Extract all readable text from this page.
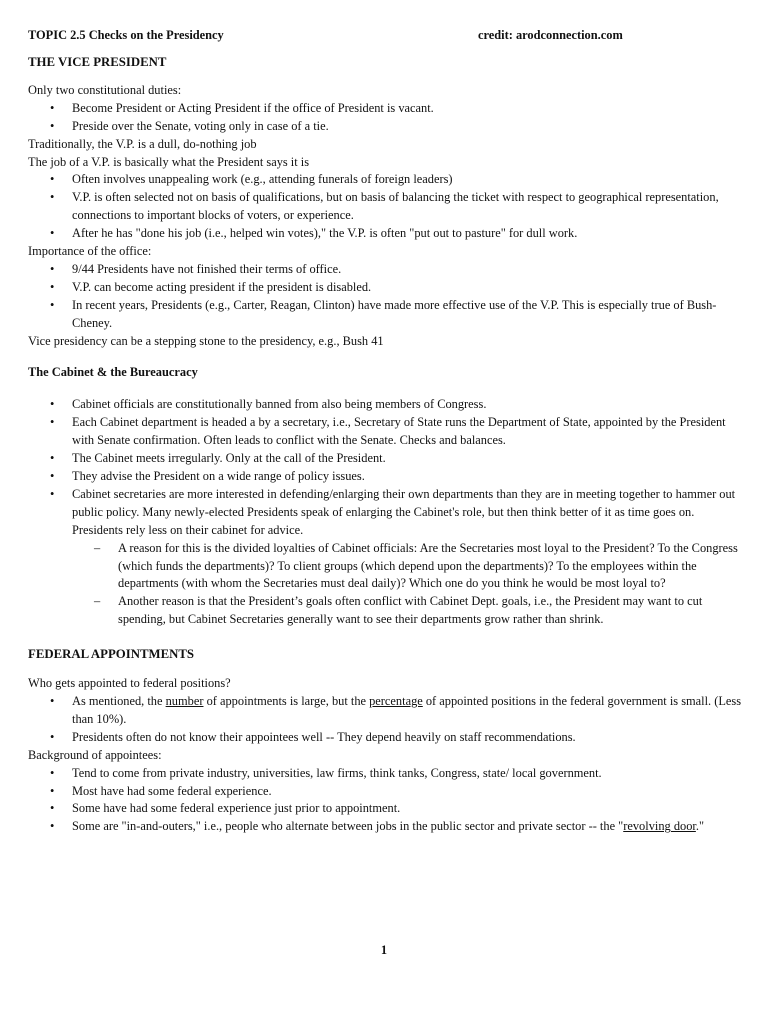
TOPIC 2.5 Checks on the Presidency	credit: arodconnection.com
THE VICE PRESIDENT
Only two constitutional duties:
• Become President or Acting President if the office of President is vacant.
• Preside over the Senate, voting only in case of a tie.
Traditionally, the V.P. is a dull, do-nothing job
The job of a V.P. is basically what the President says it is
• Often involves unappealing work (e.g., attending funerals of foreign leaders)
• V.P. is often selected not on basis of qualifications, but on basis of balancing the ticket with respect to geographical representation, connections to important blocks of voters, or experience.
• After he has "done his job (i.e., helped win votes)," the V.P. is often "put out to pasture" for dull work.
Importance of the office:
• 9/44 Presidents have not finished their terms of office.
• V.P. can become acting president if the president is disabled.
• In recent years, Presidents (e.g., Carter, Reagan, Clinton) have made more effective use of the V.P. This is especially true of Bush-Cheney.
Vice presidency can be a stepping stone to the presidency, e.g., Bush 41
The Cabinet & the Bureaucracy
• Cabinet officials are constitutionally banned from also being members of Congress.
• Each Cabinet department is headed a by a secretary, i.e., Secretary of State runs the Department of State, appointed by the President with Senate confirmation. Often leads to conflict with the Senate. Checks and balances.
• The Cabinet meets irregularly. Only at the call of the President.
• They advise the President on a wide range of policy issues.
• Cabinet secretaries are more interested in defending/enlarging their own departments than they are in meeting together to hammer out public policy. Many newly-elected Presidents speak of enlarging the Cabinet's role, but then think better of it as time goes on. Presidents rely less on their cabinet for advice.
– A reason for this is the divided loyalties of Cabinet officials: Are the Secretaries most loyal to the President? To the Congress (which funds the departments)? To client groups (which depend upon the departments)? To the employees within the departments (with whom the Secretaries must deal daily)? Which one do you think he would be most loyal to?
– Another reason is that the President’s goals often conflict with Cabinet Dept. goals, i.e., the President may want to cut spending, but Cabinet Secretaries generally want to see their departments grow rather than shrink.
FEDERAL APPOINTMENTS
Who gets appointed to federal positions?
• As mentioned, the number of appointments is large, but the percentage of appointed positions in the federal government is small. (Less than 10%).
• Presidents often do not know their appointees well -- They depend heavily on staff recommendations.
Background of appointees:
• Tend to come from private industry, universities, law firms, think tanks, Congress, state/ local government.
• Most have had some federal experience.
• Some have had some federal experience just prior to appointment.
• Some are "in-and-outers," i.e., people who alternate between jobs in the public sector and private sector -- the "revolving door."
1
